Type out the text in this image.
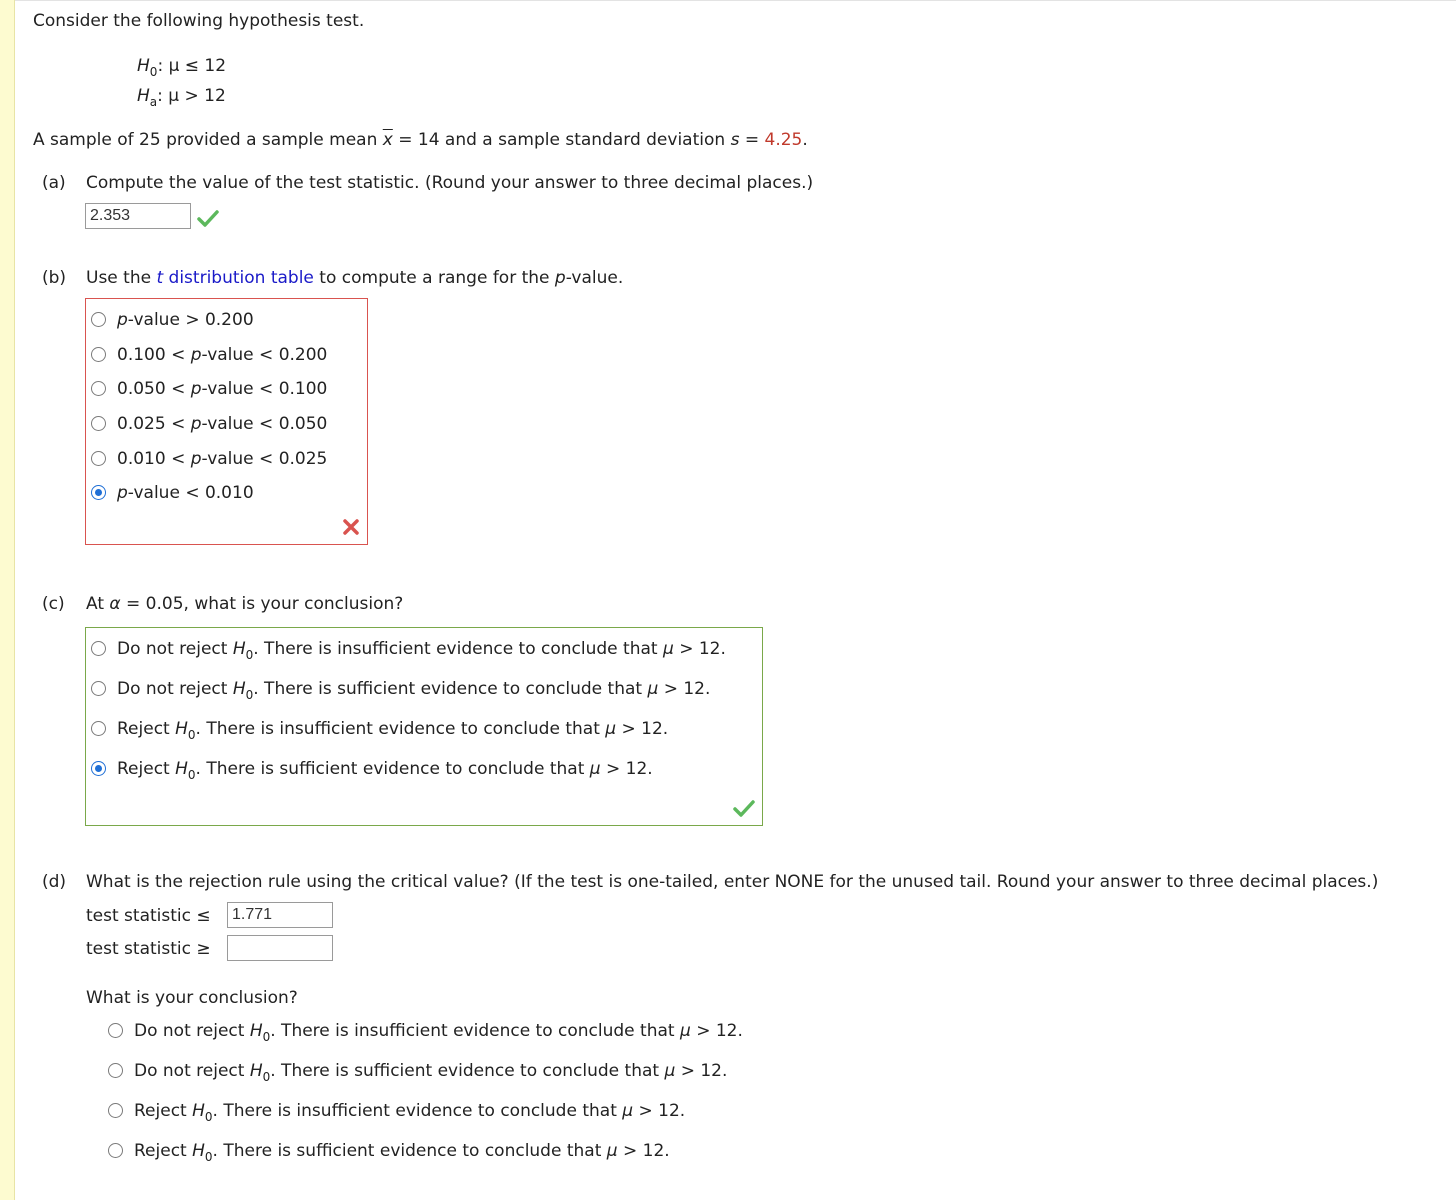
Consider the following hypothesis test.
$H_0$: μ ≤ 12
$H_a$: μ > 12
A sample of 25 provided a sample mean $\overline{x} = 14$ and a sample standard deviation s = 4.25.
(a) Compute the value of the test statistic. (Round your answer to three decimal places.)
2.353
(b) Use the t distribution table to compute a range for the p-value.
p-value > 0.200
0.100 < p-value < 0.200
0.050 < p-value < 0.100
0.025 < p-value < 0.050
0.010 < p-value < 0.025
p-value < 0.010
(c) At α = 0.05, what is your conclusion?
Do not reject $H_0$. There is insufficient evidence to conclude that μ > 12.
Do not reject $H_0$. There is sufficient evidence to conclude that μ > 12.
Reject $H_0$. There is insufficient evidence to conclude that μ > 12.
Reject $H_0$. There is sufficient evidence to conclude that μ > 12.
(d) What is the rejection rule using the critical value? (If the test is one-tailed, enter NONE for the unused tail. Round your answer to three decimal places.)
test statistic ≤	1.771
test statistic ≥
What is your conclusion?
Do not reject $H_0$. There is insufficient evidence to conclude that μ > 12.
Do not reject $H_0$. There is sufficient evidence to conclude that μ > 12.
Reject $H_0$. There is insufficient evidence to conclude that μ > 12.
Reject $H_0$. There is sufficient evidence to conclude that μ > 12.
